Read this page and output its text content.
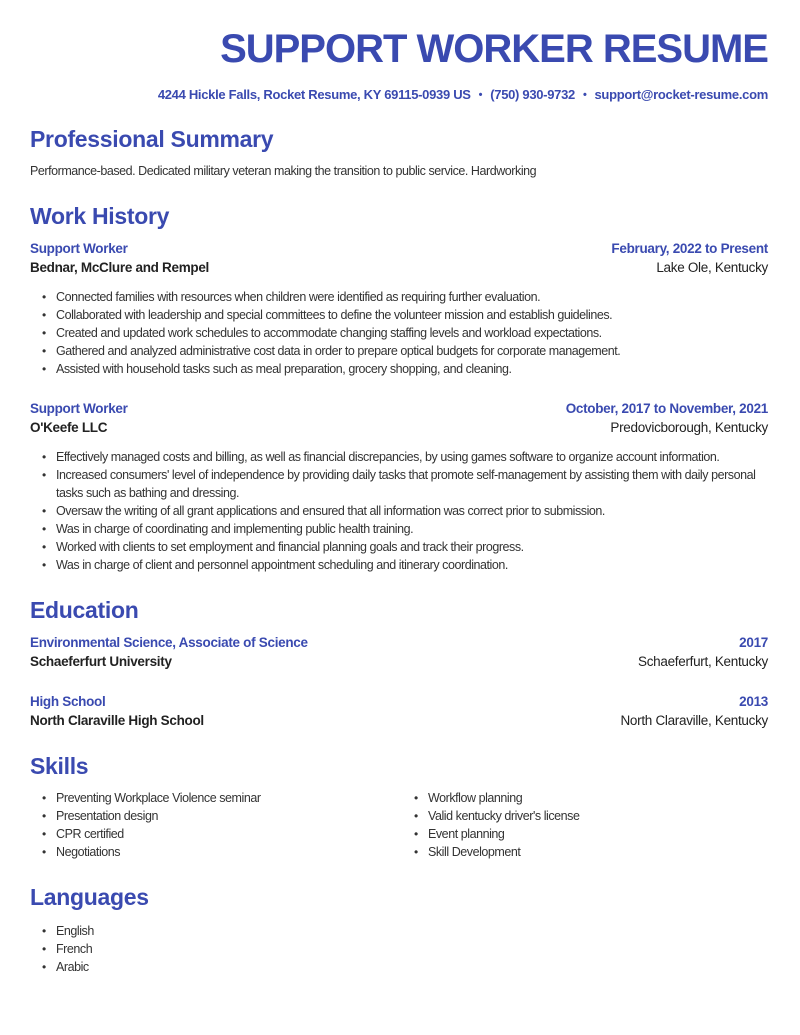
SUPPORT WORKER RESUME
4244 Hickle Falls, Rocket Resume, KY 69115-0939 US • (750) 930-9732 • support@rocket-resume.com
Professional Summary

Performance-based. Dedicated military veteran making the transition to public service. Hardworking

Work History
Support Worker	February, 2022 to Present
Bednar, McClure and Rempel	Lake Ole, Kentucky
• Connected families with resources when children were identified as requiring further evaluation.
• Collaborated with leadership and special committees to define the volunteer mission and establish guidelines.
• Created and updated work schedules to accommodate changing staffing levels and workload expectations.
• Gathered and analyzed administrative cost data in order to prepare optical budgets for corporate management.
• Assisted with household tasks such as meal preparation, grocery shopping, and cleaning.
Support Worker	October, 2017 to November, 2021
O'Keefe LLC	Predovicborough, Kentucky
• Effectively managed costs and billing, as well as financial discrepancies, by using games software to organize account information.
• Increased consumers' level of independence by providing daily tasks that promote self-management by assisting them with daily personal tasks such as bathing and dressing.
• Oversaw the writing of all grant applications and ensured that all information was correct prior to submission.
• Was in charge of coordinating and implementing public health training.
• Worked with clients to set employment and financial planning goals and track their progress.
• Was in charge of client and personnel appointment scheduling and itinerary coordination.
Education
Environmental Science, Associate of Science	2017
Schaeferfurt University	Schaeferfurt, Kentucky
High School	2013
North Claraville High School	North Claraville, Kentucky
Skills
• Preventing Workplace Violence seminar
• Presentation design
• CPR certified
• Negotiations
• Workflow planning
• Valid kentucky driver's license
• Event planning
• Skill Development
Languages
• English
• French
• Arabic
